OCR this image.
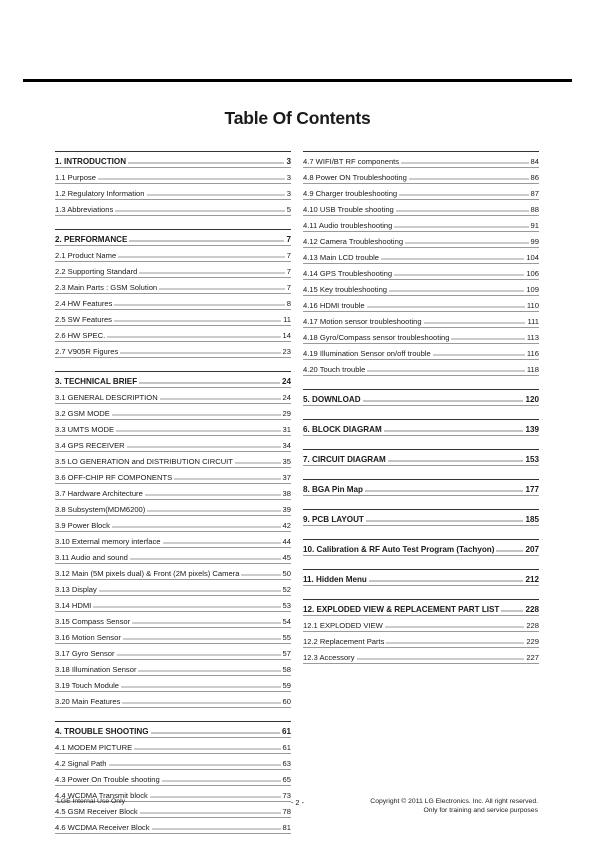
Table Of Contents
1. INTRODUCTION	3
1.1 Purpose	3
1.2 Regulatory Information	3
1.3 Abbreviations	5
2. PERFORMANCE	7
2.1 Product Name	7
2.2 Supporting Standard	7
2.3 Main Parts : GSM Solution	7
2.4 HW Features	8
2.5 SW Features	11
2.6 HW SPEC.	14
2.7 V905R Figures	23
3. TECHNICAL BRIEF	24
3.1 GENERAL DESCRIPTION	24
3.2 GSM MODE	29
3.3 UMTS MODE	31
3.4 GPS RECEIVER	34
3.5 LO GENERATION and DISTRIBUTION CIRCUIT	35
3.6 OFF-CHIP RF COMPONENTS	37
3.7 Hardware Architecture	38
3.8 Subsystem(MDM6200)	39
3.9 Power Block	42
3.10 External memory interface	44
3.11 Audio and sound	45
3.12 Main (5M pixels dual) & Front (2M pixels) Camera	50
3.13 Display	52
3.14 HDMI	53
3.15 Compass Sensor	54
3.16 Motion Sensor	55
3.17 Gyro Sensor	57
3.18 Illumination Sensor	58
3.19 Touch Module	59
3.20 Main Features	60
4. TROUBLE SHOOTING	61
4.1 MODEM PICTURE	61
4.2 Signal Path	63
4.3 Power On Trouble shooting	65
4.4 WCDMA Transmit block	73
4.5 GSM Receiver Block	78
4.6 WCDMA Receiver Block	81
4.7 WIFI/BT RF components	84
4.8 Power ON Troubleshooting	86
4.9 Charger troubleshooting	87
4.10 USB Trouble shooting	88
4.11 Audio troubleshooting	91
4.12 Camera Troubleshooting	99
4.13 Main LCD trouble	104
4.14 GPS Troubleshooting	106
4.15 Key troubleshooting	109
4.16 HDMI trouble	110
4.17 Motion sensor troubleshooting	111
4.18 Gyro/Compass sensor troubleshooting	113
4.19 Illumination Sensor on/off trouble	116
4.20 Touch trouble	118
5. DOWNLOAD	120
6. BLOCK DIAGRAM	139
7. CIRCUIT DIAGRAM	153
8. BGA Pin Map	177
9. PCB LAYOUT	185
10. Calibration & RF Auto Test Program (Tachyon)	207
11. Hidden Menu	212
12. EXPLODED VIEW & REPLACEMENT PART LIST	228
12.1 EXPLODED VIEW	228
12.2 Replacement Parts	229
12.3 Accessory	227
LGE Internal Use Only	- 2 -	Copyright © 2011 LG Electronics. Inc. All right reserved.
Only for training and service purposes
